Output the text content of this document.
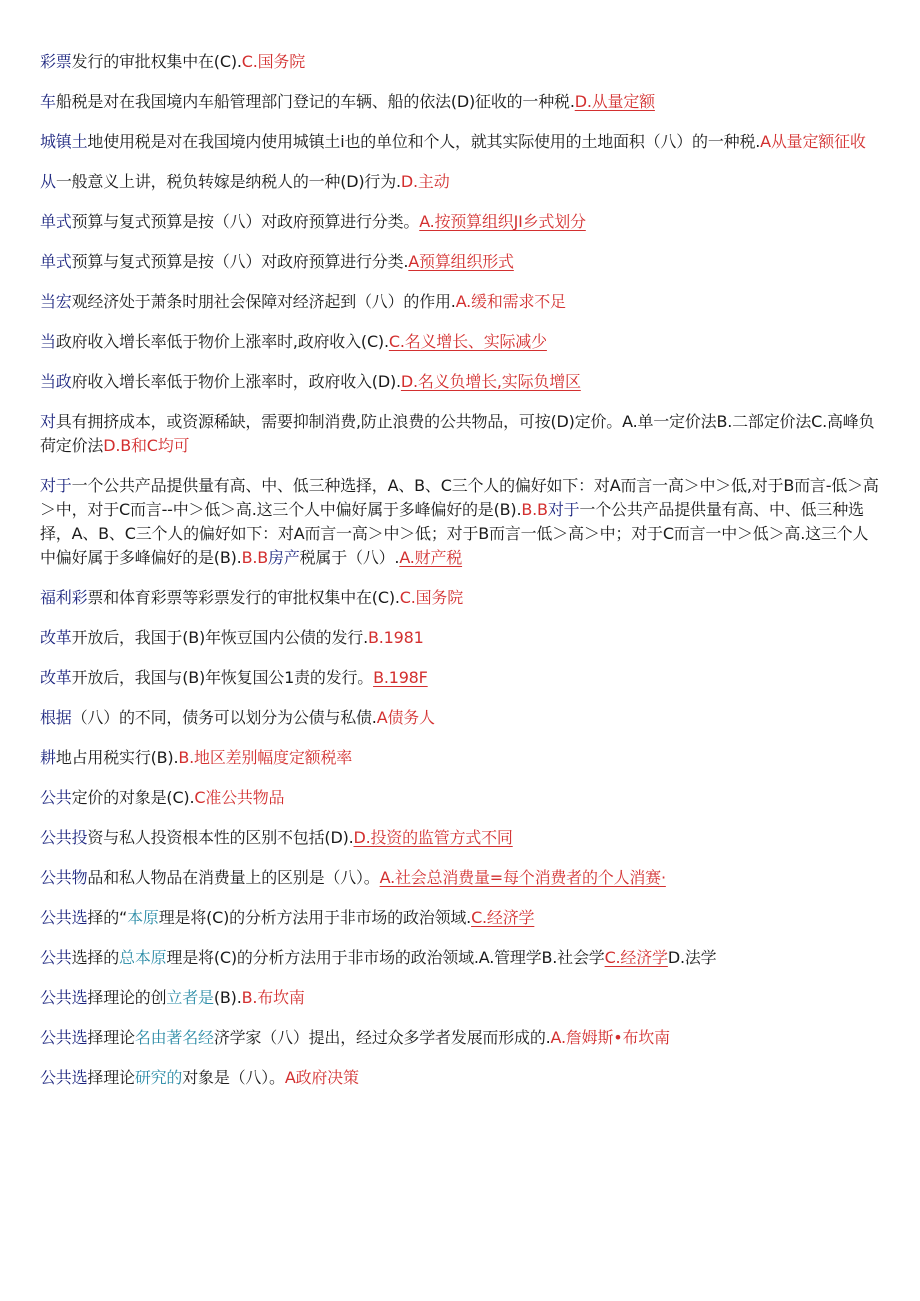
彩票发行的审批权集中在(C).C.国务院

车船税是对在我国境内车船管理部门登记的车辆、船的依法(D)征收的一种税.D.从量定额

城镇土地使用税是对在我国境内使用城镇土i也的单位和个人，就其实际使用的土地面积（八）的一种税.A从量定额征收

从一般意义上讲，税负转嫁是纳税人的一种(D)行为.D.主动

单式预算与复式预算是按（八）对政府预算进行分类。A.按预算组织JI乡式划分

单式预算与复式预算是按（八）对政府预算进行分类.A预算组织形式

当宏观经济处于萧条时朋社会保障对经济起到（八）的作用.A.缓和需求不足

当政府收入增长率低于物价上涨率时,政府收入(C).C.名义增长、实际减少

当政府收入增长率低于物价上涨率时，政府收入(D).D.名义负增长,实际负增区

对具有拥挤成本，或资源稀缺，需要抑制消费,防止浪费的公共物品，可按(D)定价。A.单一定价法B.二部定价法C.高峰负荷定价法D.B和C均可

对于一个公共产品提供量有高、中、低三种选择，A、B、C三个人的偏好如下：对A而言一高＞中＞低,对于B而言-低＞高＞中，对于C而言--中＞低＞高.这三个人中偏好属于多峰偏好的是(B).B.B对于一个公共产品提供量有高、中、低三种选择，A、B、C三个人的偏好如下：对A而言一高＞中＞低；对于B而言一低＞高＞中；对于C而言一中＞低＞高.这三个人中偏好属于多峰偏好的是(B).B.B房产税属于（八）.A.财产税

福利彩票和体育彩票等彩票发行的审批权集中在(C).C.国务院

改革开放后，我国于(B)年恢豆国内公债的发行.B.1981

改革开放后，我国与(B)年恢复国公1责的发行。B.198F

根据（八）的不同，债务可以划分为公债与私债.A债务人

耕地占用税实行(B).B.地区差别幅度定额税率

公共定价的对象是(C).C准公共物品

公共投资与私人投资根本性的区别不包括(D).D.投资的监管方式不同

公共物品和私人物品在消费量上的区别是（八）。A.社会总消费量=每个消费者的个人消赛·

公共选择的“本原理是将(C)的分析方法用于非市场的政治领域.C.经济学

公共选择的总本原理是将(C)的分析方法用于非市场的政治领域.A.管理学B.社会学C.经济学D.法学

公共选择理论的创立者是(B).B.布坎南

公共选择理论名由著名经济学家（八）提出，经过众多学者发展而形成的.A.詹姆斯•布坎南

公共选择理论研究的对象是（八）。A政府决策
